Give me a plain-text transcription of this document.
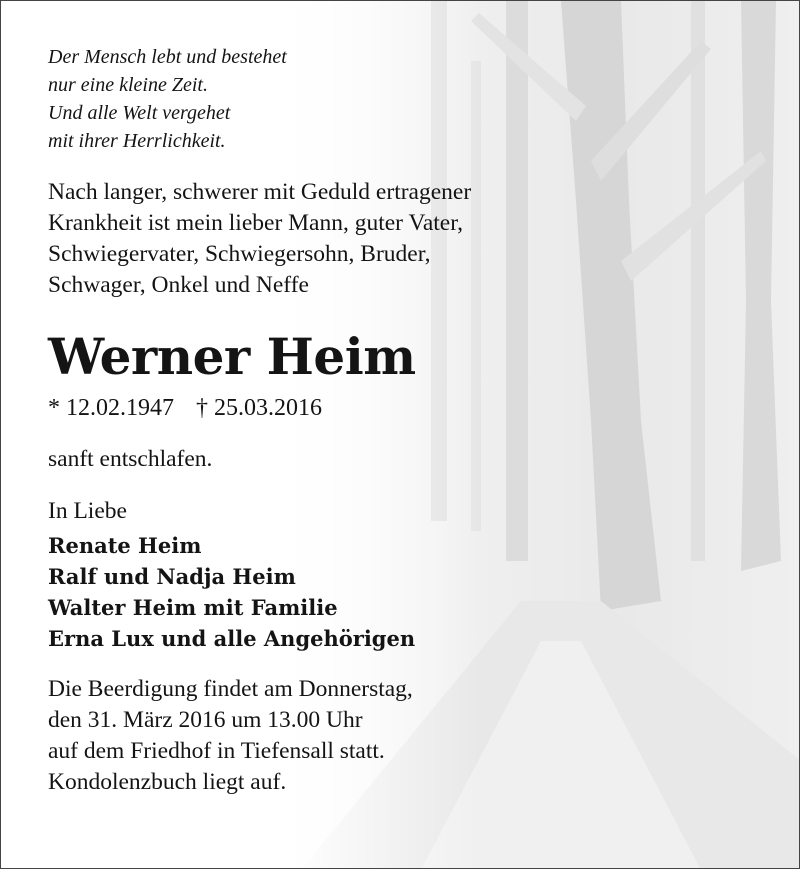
Der Mensch lebt und bestehet
nur eine kleine Zeit.
Und alle Welt vergehet
mit ihrer Herrlichkeit.
Nach langer, schwerer mit Geduld ertragener
Krankheit ist mein lieber Mann, guter Vater,
Schwiegervater, Schwiegersohn, Bruder,
Schwager, Onkel und Neffe
Werner Heim
* 12.02.1947 † 25.03.2016
sanft entschlafen.
In Liebe
Renate Heim
Ralf und Nadja Heim
Walter Heim mit Familie
Erna Lux und alle Angehörigen
Die Beerdigung findet am Donnerstag,
den 31. März 2016 um 13.00 Uhr
auf dem Friedhof in Tiefensall statt.
Kondolenzbuch liegt auf.
